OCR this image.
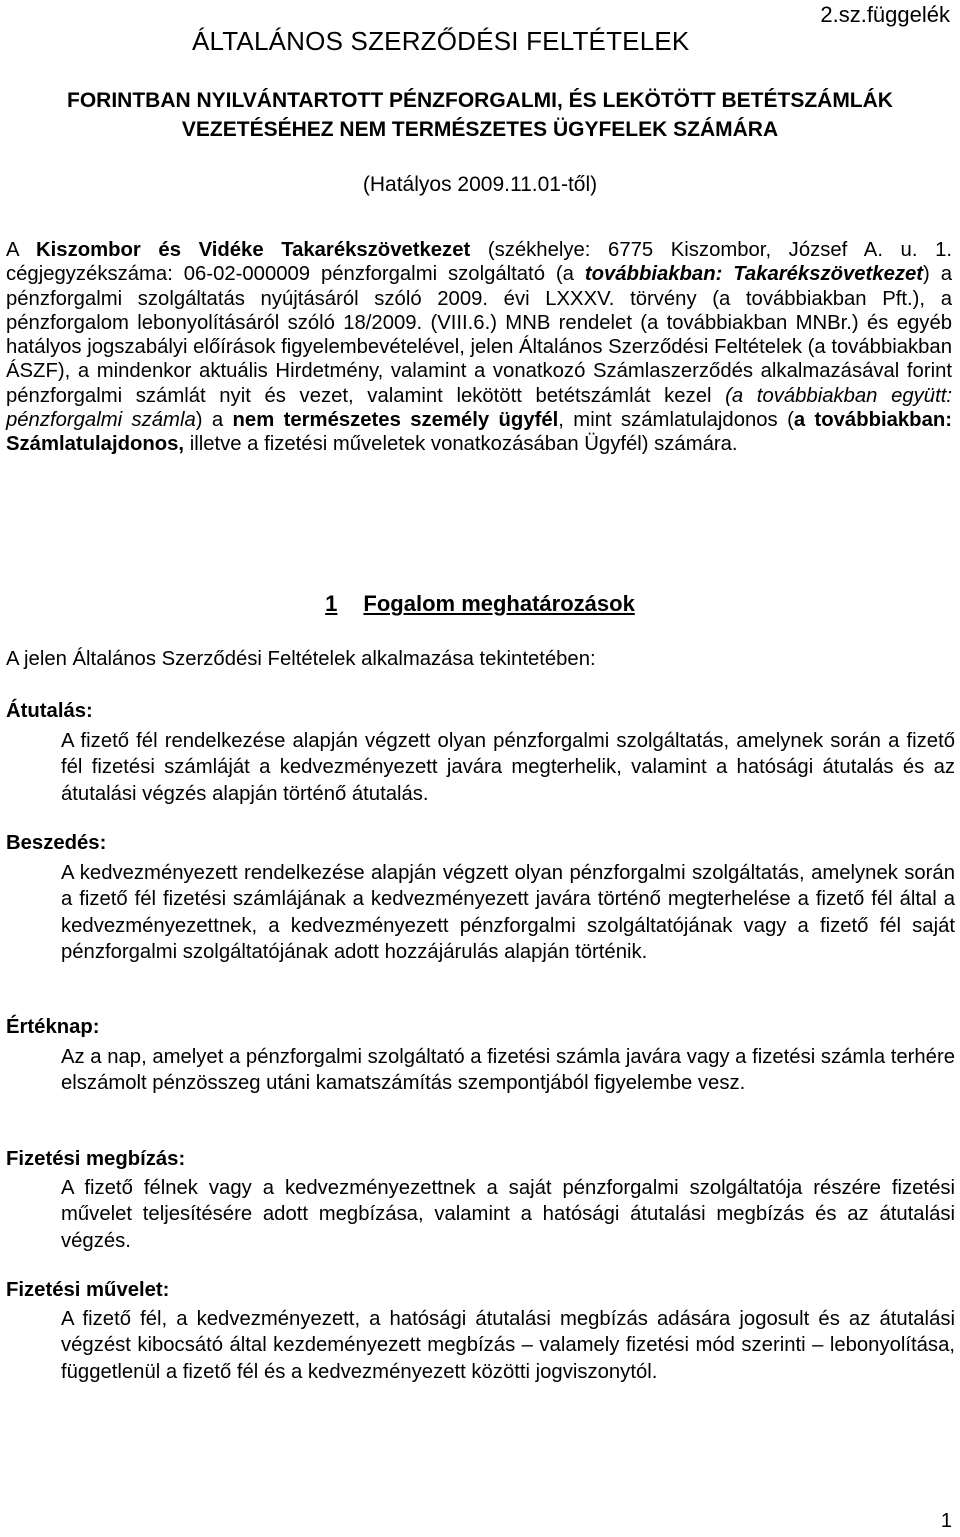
2.sz.függelék
ÁLTALÁNOS SZERZŐDÉSI FELTÉTELEK
FORINTBAN NYILVÁNTARTOTT PÉNZFORGALMI, ÉS LEKÖTÖTT BETÉTSZÁMLÁK
VEZETÉSÉHEZ NEM TERMÉSZETES ÜGYFELEK SZÁMÁRA
(Hatályos 2009.11.01-től)
A Kiszombor és Vidéke Takarékszövetkezet (székhelye: 6775 Kiszombor, József A. u. 1. cégjegyzékszáma: 06-02-000009 pénzforgalmi szolgáltató (a továbbiakban: Takarékszövetkezet) a pénzforgalmi szolgáltatás nyújtásáról szóló 2009. évi LXXXV. törvény (a továbbiakban Pft.), a pénzforgalom lebonyolításáról szóló 18/2009. (VIII.6.) MNB rendelet (a továbbiakban MNBr.) és egyéb hatályos jogszabályi előírások figyelembevételével, jelen Általános Szerződési Feltételek (a továbbiakban ÁSZF), a mindenkor aktuális Hirdetmény, valamint a vonatkozó Számlaszerződés alkalmazásával forint pénzforgalmi számlát nyit és vezet, valamint lekötött betétszámlát kezel (a továbbiakban együtt: pénzforgalmi számla) a nem természetes személy ügyfél, mint számlatulajdonos (a továbbiakban: Számlatulajdonos, illetve a fizetési műveletek vonatkozásában Ügyfél) számára.
1 Fogalom meghatározások
A jelen Általános Szerződési Feltételek alkalmazása tekintetében:
Átutalás:
A fizető fél rendelkezése alapján végzett olyan pénzforgalmi szolgáltatás, amelynek során a fizető fél fizetési számláját a kedvezményezett javára megterhelik, valamint a hatósági átutalás és az átutalási végzés alapján történő átutalás.
Beszedés:
A kedvezményezett rendelkezése alapján végzett olyan pénzforgalmi szolgáltatás, amelynek során a fizető fél fizetési számlájának a kedvezményezett javára történő megterhelése a fizető fél által a kedvezményezettnek, a kedvezményezett pénzforgalmi szolgáltatójának vagy a fizető fél saját pénzforgalmi szolgáltatójának adott hozzájárulás alapján történik.
Értéknap:
Az a nap, amelyet a pénzforgalmi szolgáltató a fizetési számla javára vagy a fizetési számla terhére elszámolt pénzösszeg utáni kamatszámítás szempontjából figyelembe vesz.
Fizetési megbízás:
A fizető félnek vagy a kedvezményezettnek a saját pénzforgalmi szolgáltatója részére fizetési művelet teljesítésére adott megbízása, valamint a hatósági átutalási megbízás és az átutalási végzés.
Fizetési művelet:
A fizető fél, a kedvezményezett, a hatósági átutalási megbízás adására jogosult és az átutalási végzést kibocsátó által kezdeményezett megbízás – valamely fizetési mód szerinti – lebonyolítása, függetlenül a fizető fél és a kedvezményezett közötti jogviszonytól.
1
